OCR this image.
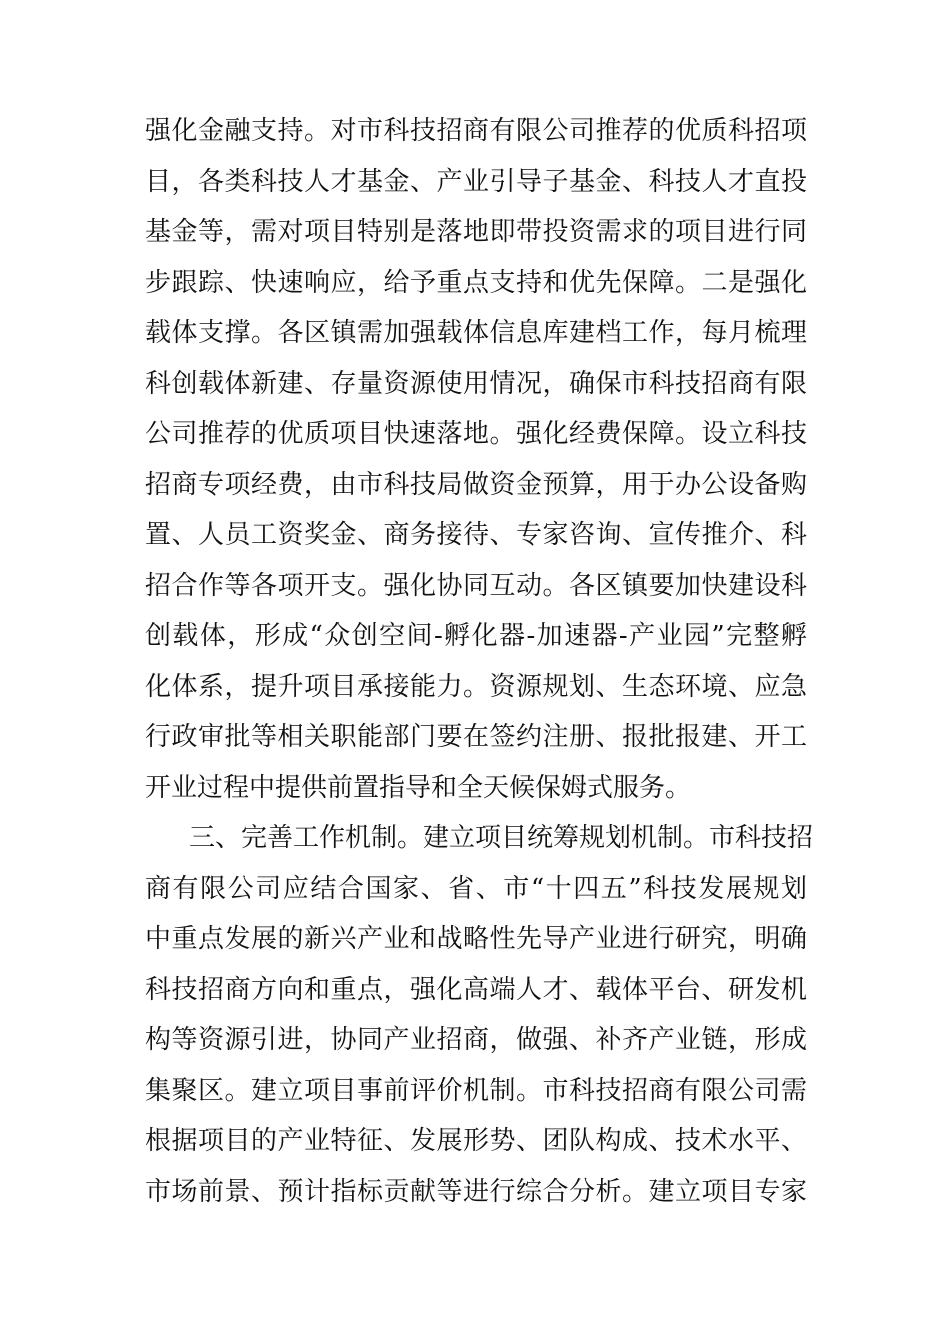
强化金融支持。对市科技招商有限公司推荐的优质科招项
目，各类科技人才基金、产业引导子基金、科技人才直投
基金等，需对项目特别是落地即带投资需求的项目进行同
步跟踪、快速响应，给予重点支持和优先保障。二是强化
载体支撑。各区镇需加强载体信息库建档工作，每月梳理
科创载体新建、存量资源使用情况，确保市科技招商有限
公司推荐的优质项目快速落地。强化经费保障。设立科技
招商专项经费，由市科技局做资金预算，用于办公设备购
置、人员工资奖金、商务接待、专家咨询、宣传推介、科
招合作等各项开支。强化协同互动。各区镇要加快建设科
创载体，形成“众创空间-孵化器-加速器-产业园”完整孵
化体系，提升项目承接能力。资源规划、生态环境、应急
行政审批等相关职能部门要在签约注册、报批报建、开工
开业过程中提供前置指导和全天候保姆式服务。
三、完善工作机制。建立项目统筹规划机制。市科技招
商有限公司应结合国家、省、市“十四五”科技发展规划
中重点发展的新兴产业和战略性先导产业进行研究，明确
科技招商方向和重点，强化高端人才、载体平台、研发机
构等资源引进，协同产业招商，做强、补齐产业链，形成
集聚区。建立项目事前评价机制。市科技招商有限公司需
根据项目的产业特征、发展形势、团队构成、技术水平、
市场前景、预计指标贡献等进行综合分析。建立项目专家
